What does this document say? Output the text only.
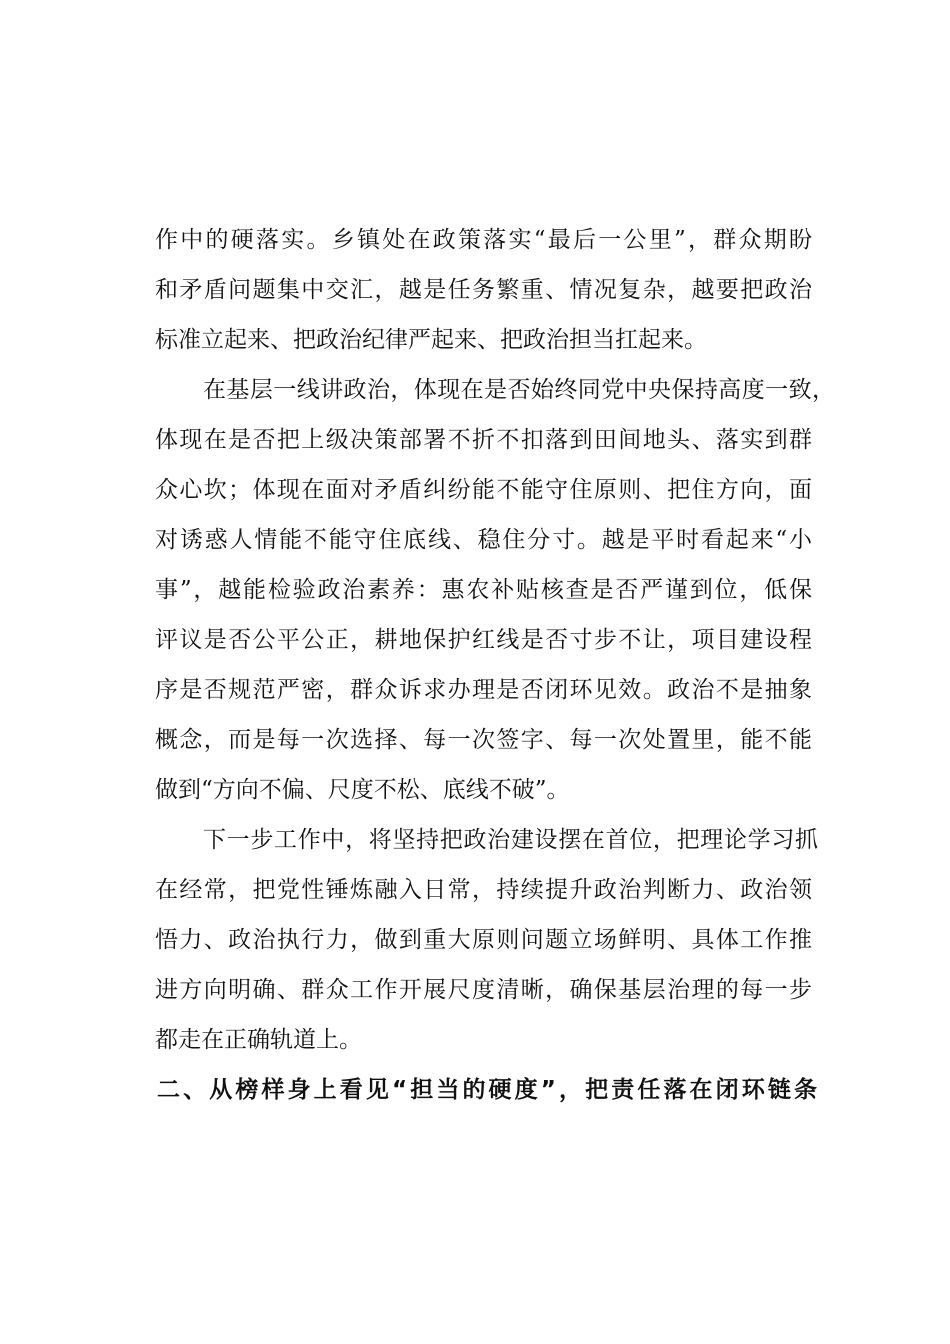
作中的硬落实。乡镇处在政策落实“最后一公里”，群众期盼
和矛盾问题集中交汇，越是任务繁重、情况复杂，越要把政治
标准立起来、把政治纪律严起来、把政治担当扛起来。
在基层一线讲政治，体现在是否始终同党中央保持高度一致，
体现在是否把上级决策部署不折不扣落到田间地头、落实到群
众心坎；体现在面对矛盾纠纷能不能守住原则、把住方向，面
对诱惑人情能不能守住底线、稳住分寸。越是平时看起来“小
事”，越能检验政治素养：惠农补贴核查是否严谨到位，低保
评议是否公平公正，耕地保护红线是否寸步不让，项目建设程
序是否规范严密，群众诉求办理是否闭环见效。政治不是抽象
概念，而是每一次选择、每一次签字、每一次处置里，能不能
做到“方向不偏、尺度不松、底线不破”。
下一步工作中，将坚持把政治建设摆在首位，把理论学习抓
在经常，把党性锤炼融入日常，持续提升政治判断力、政治领
悟力、政治执行力，做到重大原则问题立场鲜明、具体工作推
进方向明确、群众工作开展尺度清晰，确保基层治理的每一步
都走在正确轨道上。
二、从榜样身上看见“担当的硬度”，把责任落在闭环链条
